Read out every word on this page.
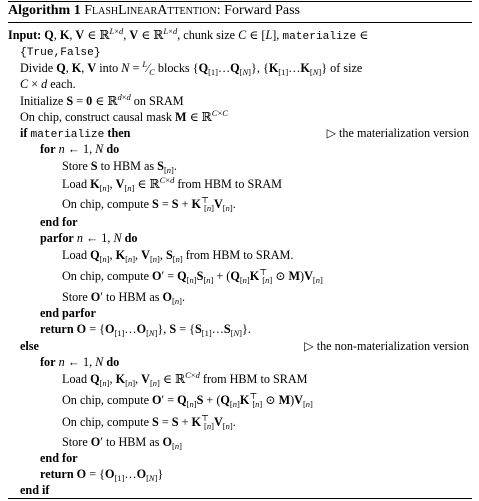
Algorithm 1 FlashLinearAttention: Forward Pass
Input: Q, K, V ∈ ℝ$^{L\times d}$, V ∈ ℝ$^{L\times d}$, chunk size C ∈ [L], materialize ∈
{True,False}
Divide Q, K, V into $N = ^L⁄_C$ blocks $\{Q_{[1]}\dots Q_{[N]}\}$, $\{K_{[1]}\dots K_{[N]}\}$ of size
C × d each.
Initialize S = 0 ∈ ℝ$^{d\times d}$ on SRAM
On chip, construct causal mask M ∈ ℝ$^{C\times C}$
if materialize then	▷ the materialization version
for n ← 1, N do
Store S to HBM as $S_{[n]}$.
Load $K_{[n]}$, $V_{[n]}$ ∈ ℝ$^{C\times d}$ from HBM to SRAM
On chip, compute $S = S + K^⊤_{[n]}V_{[n]}$.
end for
parfor n ← 1, N do
Load $Q_{[n]}$, $K_{[n]}$, $V_{[n]}$, $S_{[n]}$ from HBM to SRAM.
On chip, compute $O' = Q_{[n]}S_{[n]} + (Q_{[n]}K^⊤_{[n]}$ ⊙ $M)V_{[n]}$
Store O′ to HBM as $O_{[n]}$.
end parfor
return $O = \{O_{[1]}\dots O_{[N]}\}$, $S = \{S_{[1]}\dots S_{[N]}\}$.
else	▷ the non-materialization version
for n ← 1, N do
Load $Q_{[n]}$, $K_{[n]}$, $V_{[n]}$ ∈ ℝ$^{C\times d}$ from HBM to SRAM
On chip, compute $O' = Q_{[n]}S + (Q_{[n]}K^⊤_{[n]}$ ⊙ $M)V_{[n]}$
On chip, compute $S = S + K^⊤_{[n]}V_{[n]}$.
Store O′ to HBM as $O_{[n]}$
end for
return $O = \{O_{[1]}\dots O_{[N]}\}$
end if
